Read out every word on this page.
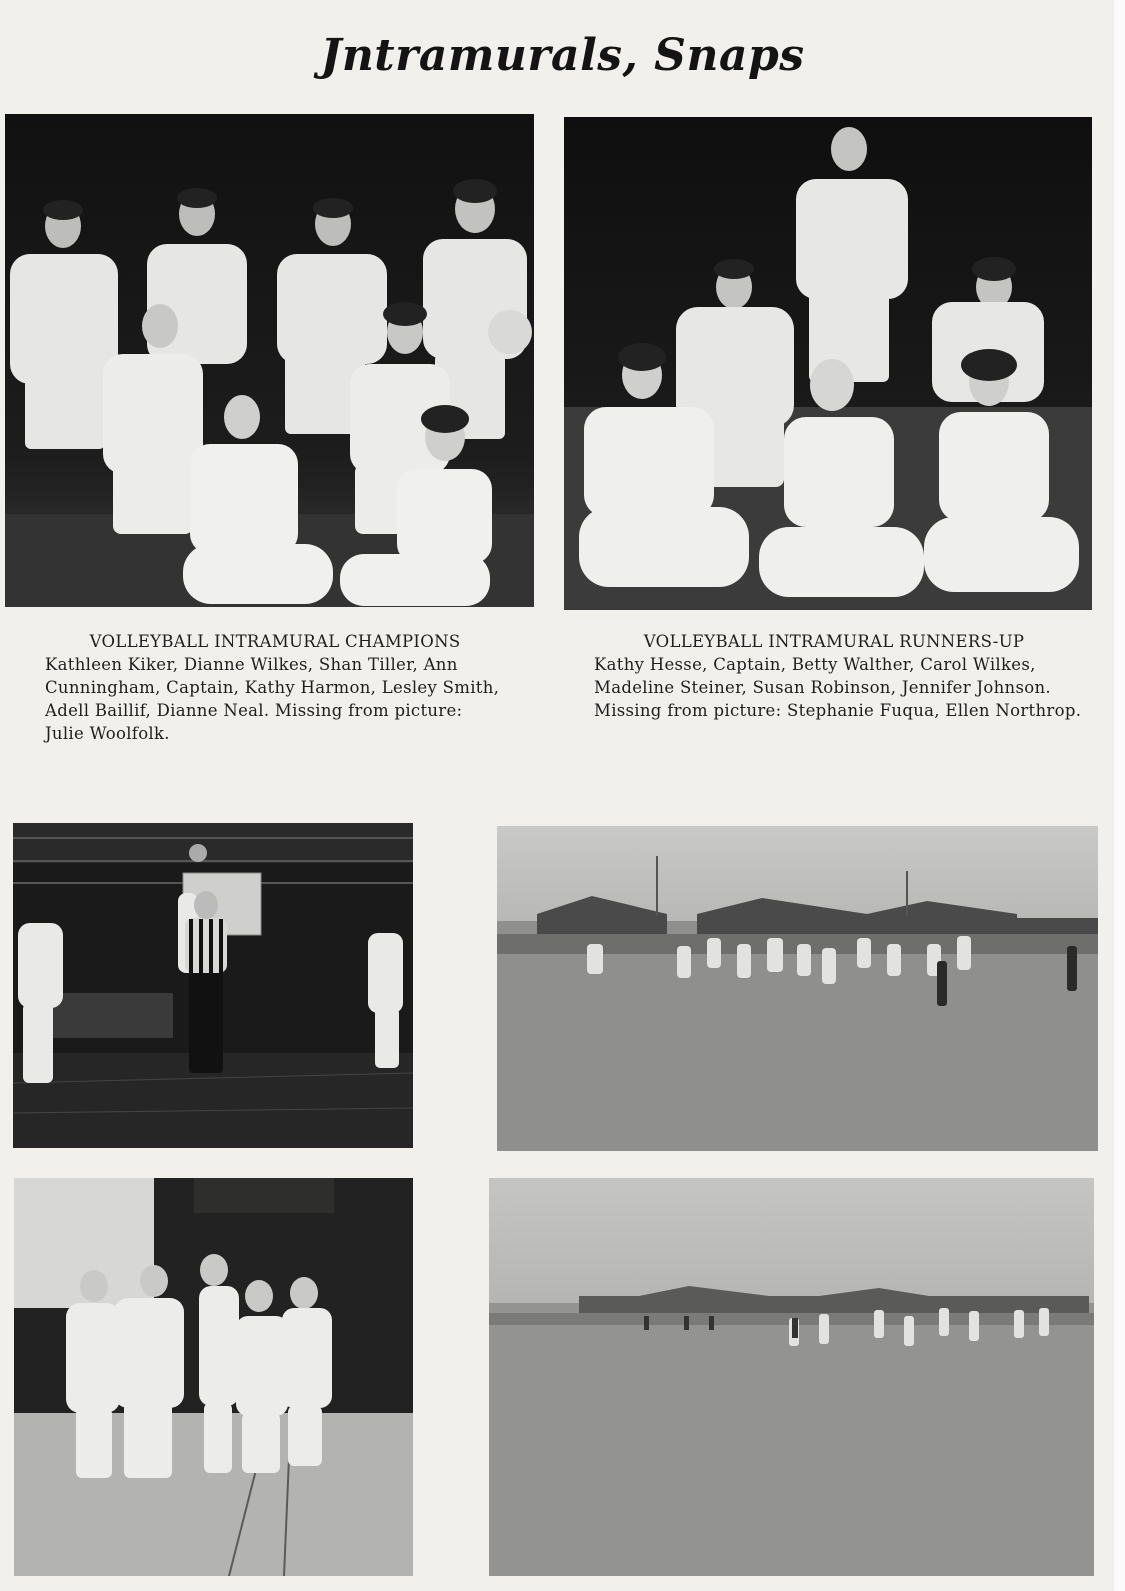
Jntramurals, Snaps
VOLLEYBALL INTRAMURAL CHAMPIONS
Kathleen Kiker, Dianne Wilkes, Shan Tiller, Ann
Cunningham, Captain, Kathy Harmon, Lesley Smith,
Adell Baillif, Dianne Neal. Missing from picture:
Julie Woolfolk.
VOLLEYBALL INTRAMURAL RUNNERS-UP
Kathy Hesse, Captain, Betty Walther, Carol Wilkes,
Madeline Steiner, Susan Robinson, Jennifer Johnson.
Missing from picture: Stephanie Fuqua, Ellen Northrop.
